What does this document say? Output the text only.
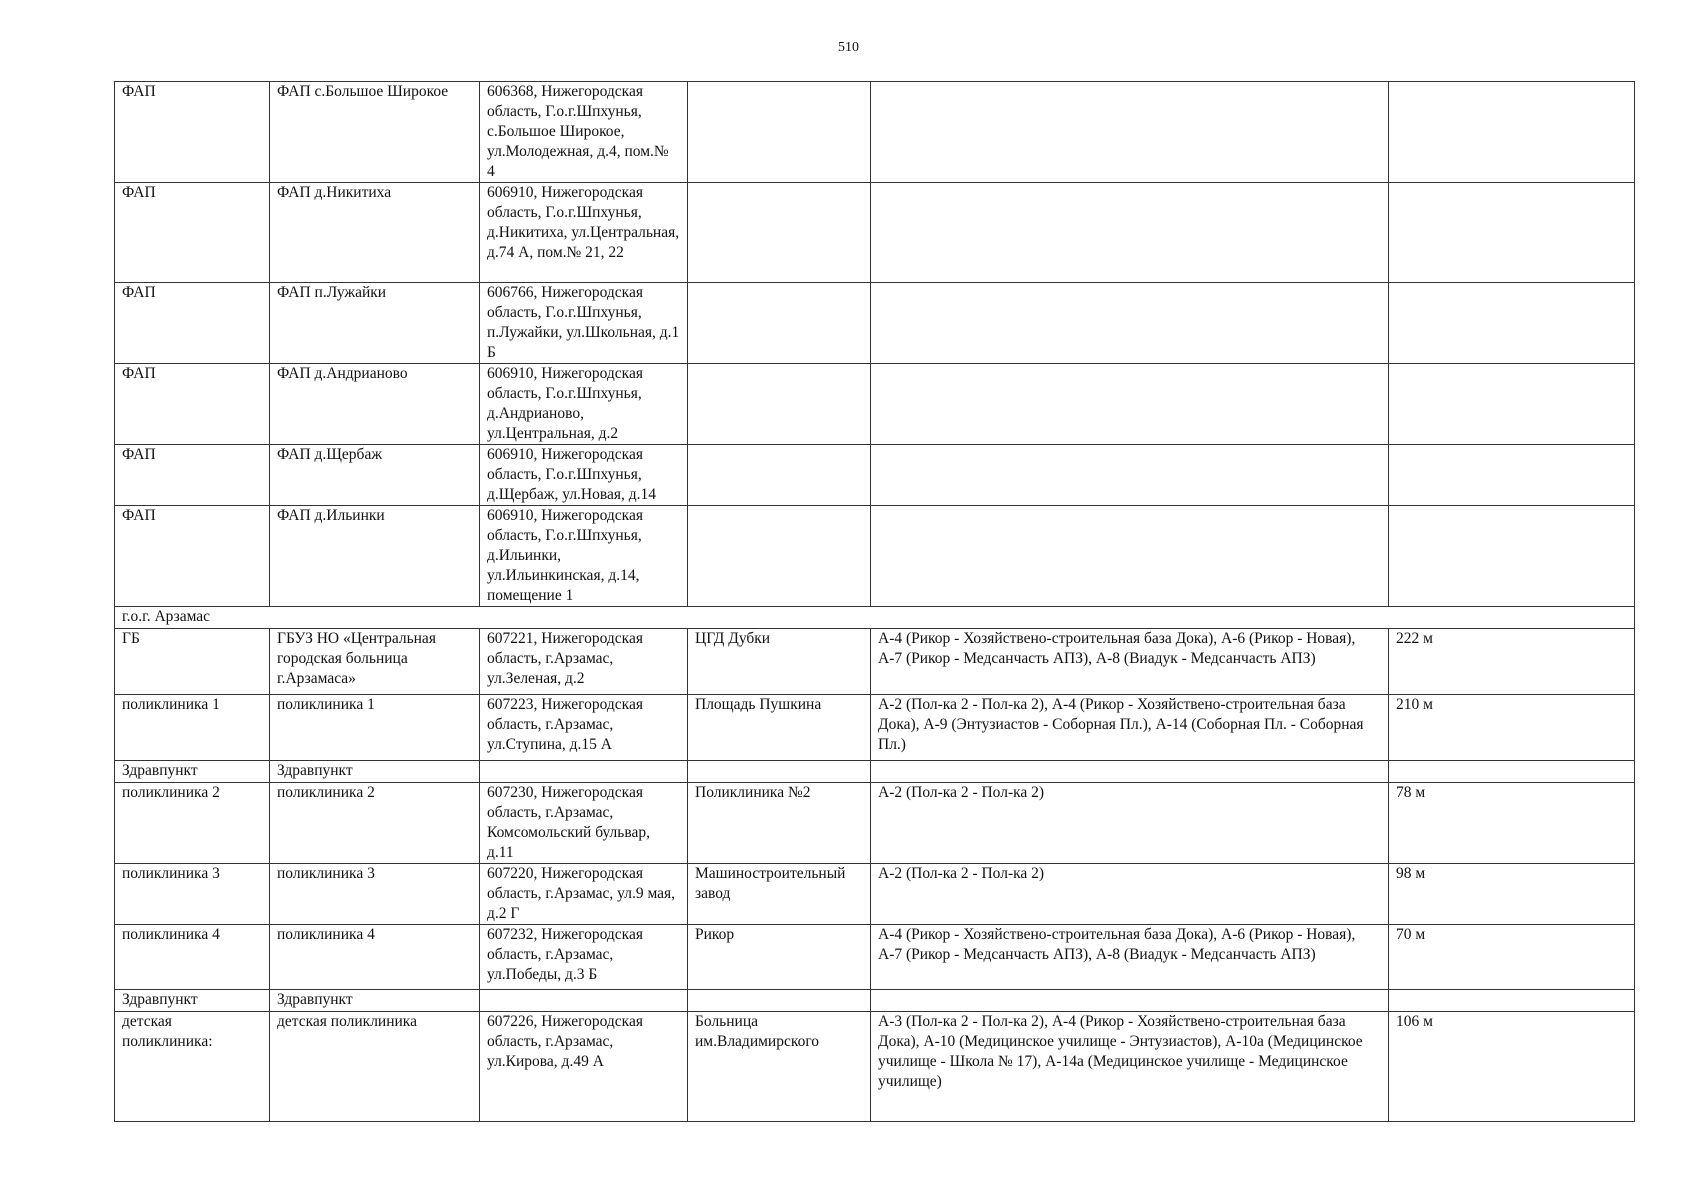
510
ФАП	ФАП с.Большое Широкое	606368, Нижегородская область, Г.о.г.Шпхунья, с.Большое Широкое, ул.Молодежная, д.4, пом.№ 4			
ФАП	ФАП д.Никитиха	606910, Нижегородская область, Г.о.г.Шпхунья, д.Никитиха, ул.Центральная, д.74 А, пом.№ 21, 22			
ФАП	ФАП п.Лужайки	606766, Нижегородская область, Г.о.г.Шпхунья, п.Лужайки, ул.Школьная, д.1 Б			
ФАП	ФАП д.Андрианово	606910, Нижегородская область, Г.о.г.Шпхунья, д.Андрианово, ул.Центральная, д.2			
ФАП	ФАП д.Щербаж	606910, Нижегородская область, Г.о.г.Шпхунья, д.Щербаж, ул.Новая, д.14			
ФАП	ФАП д.Ильинки	606910, Нижегородская область, Г.о.г.Шпхунья, д.Ильинки, ул.Ильинкинская, д.14, помещение 1			
г.о.г. Арзамас					
ГБ	ГБУЗ НО «Центральная городская больница г.Арзамаса»	607221, Нижегородская область, г.Арзамас, ул.Зеленая, д.2	ЦГД Дубки	А-4 (Рикор - Хозяйствено-строительная база Дока), А-6 (Рикор - Новая), А-7 (Рикор - Медсанчасть АПЗ), А-8 (Виадук - Медсанчасть АПЗ)	222 м
поликлиника 1	поликлиника 1	607223, Нижегородская область, г.Арзамас, ул.Ступина, д.15 А	Площадь Пушкина	А-2 (Пол-ка 2 - Пол-ка 2), А-4 (Рикор - Хозяйствено-строительная база Дока), А-9 (Энтузиастов - Соборная Пл.), А-14 (Соборная Пл. - Соборная Пл.)	210 м
Здравпункт	Здравпункт				
поликлиника 2	поликлиника 2	607230, Нижегородская область, г.Арзамас, Комсомольский бульвар, д.11	Поликлиника №2	А-2 (Пол-ка 2 - Пол-ка 2)	78 м
поликлиника 3	поликлиника 3	607220, Нижегородская область, г.Арзамас, ул.9 мая, д.2 Г	Машиностроительный завод	А-2 (Пол-ка 2 - Пол-ка 2)	98 м
поликлиника 4	поликлиника 4	607232, Нижегородская область, г.Арзамас, ул.Победы, д.3 Б	Рикор	А-4 (Рикор - Хозяйствено-строительная база Дока), А-6 (Рикор - Новая), А-7 (Рикор - Медсанчасть АПЗ), А-8 (Виадук - Медсанчасть АПЗ)	70 м
Здравпункт	Здравпункт				
детская поликлиника:	детская поликлиника	607226, Нижегородская область, г.Арзамас, ул.Кирова, д.49 А	Больница им.Владимирского	А-3 (Пол-ка 2 - Пол-ка 2), А-4 (Рикор - Хозяйствено-строительная база Дока), А-10 (Медицинское училище - Энтузиастов), А-10а (Медицинское училище - Школа № 17), А-14а (Медицинское училище - Медицинское училище)	106 м
